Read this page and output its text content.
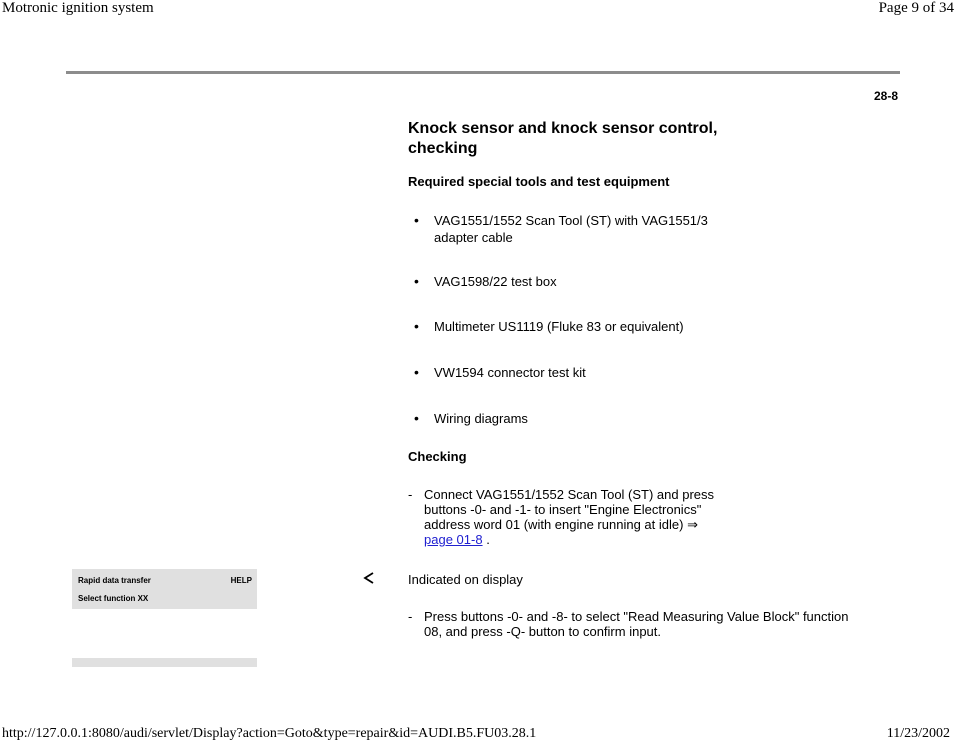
Motronic ignition system	Page 9 of 34
28-8
Knock sensor and knock sensor control, checking
Required special tools and test equipment
•	VAG1551/1552 Scan Tool (ST) with VAG1551/3 adapter cable
•	VAG1598/22 test box
•	Multimeter US1119 (Fluke 83 or equivalent)
•	VW1594 connector test kit
•	Wiring diagrams
Checking
- Connect VAG1551/1552 Scan Tool (ST) and press buttons -0- and -1- to insert "Engine Electronics" address word 01 (with engine running at idle) ⇒ page 01-8 .
Rapid data transfer	HELP
Select function XX
Indicated on display
- Press buttons -0- and -8- to select "Read Measuring Value Block" function 08, and press -Q- button to confirm input.
http://127.0.0.1:8080/audi/servlet/Display?action=Goto&type=repair&id=AUDI.B5.FU03.28.1	11/23/2002
